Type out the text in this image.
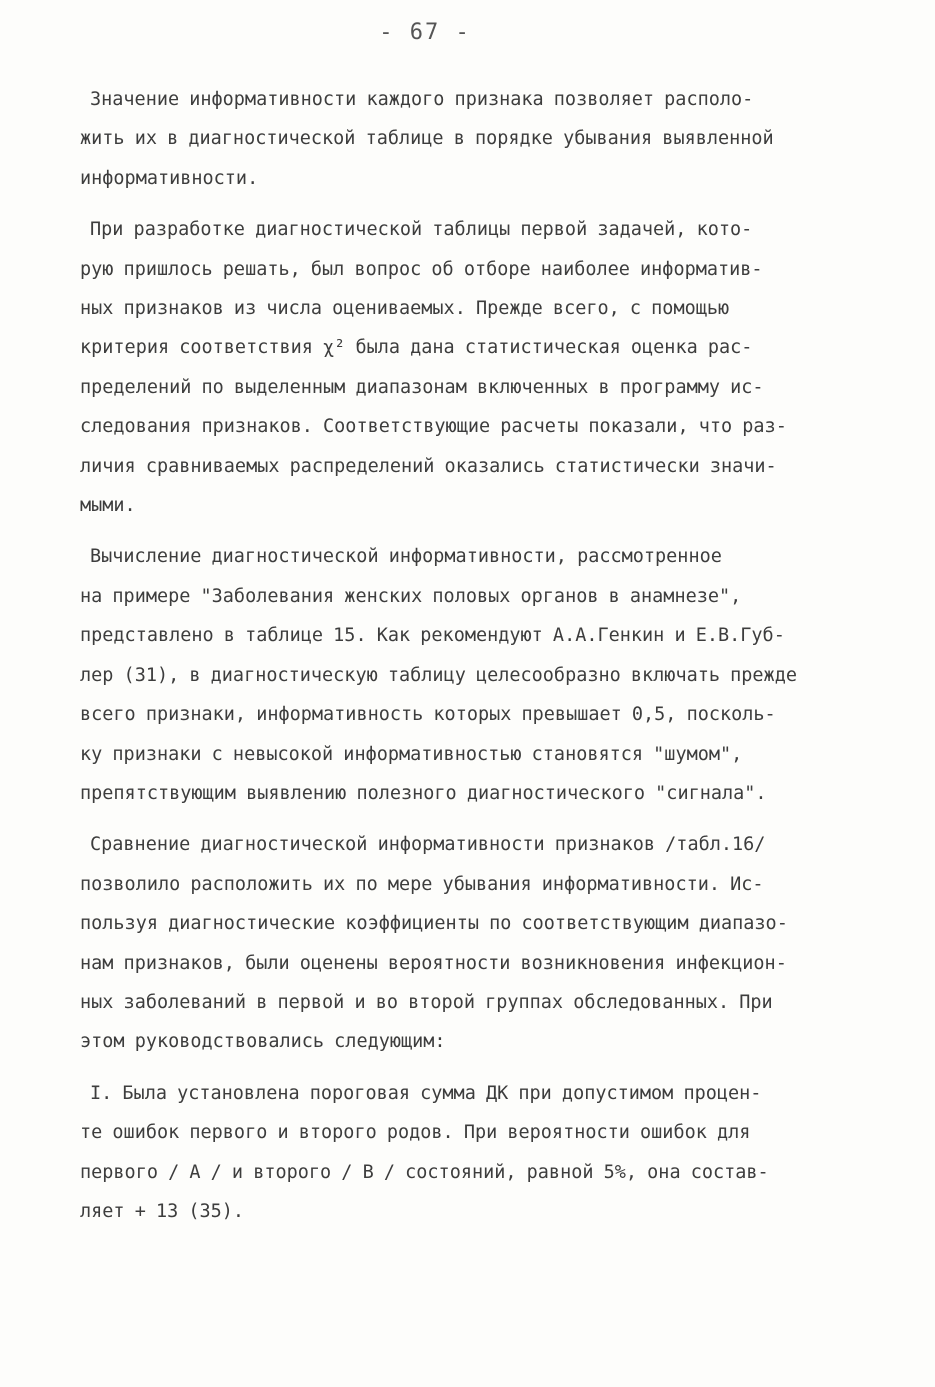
- 67 -

Значение информативности каждого признака позволяет располо-
жить их в диагностической таблице в порядке убывания выявленной
информативности.

При разработке диагностической таблицы первой задачей, кото-
рую пришлось решать, был вопрос об отборе наиболее информатив-
ных признаков из числа оцениваемых. Прежде всего, с помощью
критерия соответствия χ² была дана статистическая оценка рас-
пределений по выделенным диапазонам включенных в программу ис-
следования признаков. Соответствующие расчеты показали, что раз-
личия сравниваемых распределений оказались статистически значи-
мыми.

Вычисление диагностической информативности, рассмотренное
на примере "Заболевания женских половых органов в анамнезе",
представлено в таблице 15. Как рекомендуют А.А.Генкин и Е.В.Губ-
лер (31), в диагностическую таблицу целесообразно включать прежде
всего признаки, информативность которых превышает 0,5, посколь-
ку признаки с невысокой информативностью становятся "шумом",
препятствующим выявлению полезного диагностического "сигнала".

Сравнение диагностической информативности признаков /табл.16/
позволило расположить их по мере убывания информативности. Ис-
пользуя диагностические коэффициенты по соответствующим диапазо-
нам признаков, были оценены вероятности возникновения инфекцион-
ных заболеваний в первой и во второй группах обследованных. При
этом руководствовались следующим:

I. Была установлена пороговая сумма ДК при допустимом процен-
те ошибок первого и второго родов. При вероятности ошибок для
первого / А / и второго / В / состояний, равной 5%, она состав-
ляет + 13 (35).
